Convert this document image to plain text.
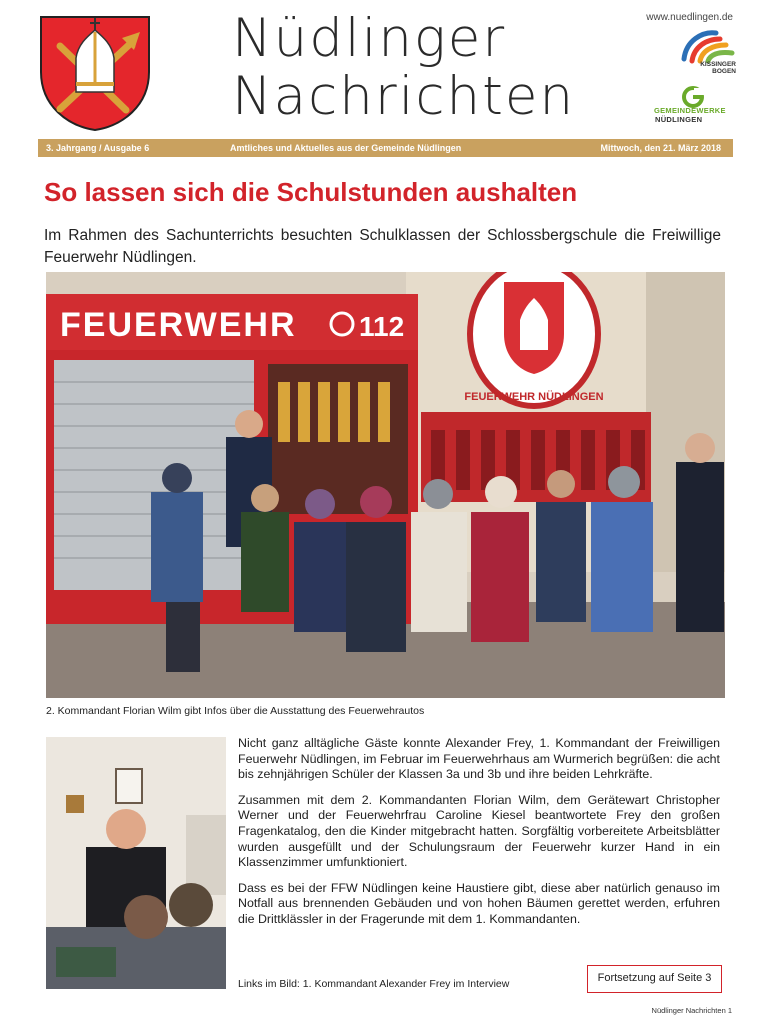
Nüdlinger
Nachrichten
www.nuedlingen.de
KISSINGER
BOGEN
GEMEINDEWERKE
NÜDLINGEN
3. Jahrgang / Ausgabe 6	Amtliches und Aktuelles aus der Gemeinde Nüdlingen	Mittwoch, den 21. März 2018
So lassen sich die Schulstunden aushalten
Im Rahmen des Sachunterrichts besuchten Schulklassen der Schlossbergschule die Freiwillige Feuerwehr Nüdlingen.
FEUERWEHR NÜDLINGEN
FEUERWEHR 112
2. Kommandant Florian Wilm gibt Infos über die Ausstattung des Feuerwehrautos

Nicht ganz alltägliche Gäste konnte Alexander Frey, 1. Kommandant der Freiwilligen Feuerwehr Nüdlingen, im Februar im Feuerwehrhaus am Wurmerich begrüßen: die acht bis zehnjährigen Schüler der Klassen 3a und 3b und ihre beiden Lehrkräfte.

Zusammen mit dem 2. Kommandanten Florian Wilm, dem Gerätewart Christopher Werner und der Feuerwehrfrau Caroline Kiesel beantwortete Frey den großen Fragenkatalog, den die Kinder mitgebracht hatten. Sorgfältig vorbereitete Arbeitsblätter wurden ausgefüllt und der Schulungsraum der Feuerwehr kurzer Hand in ein Klassenzimmer umfunktioniert.

Dass es bei der FFW Nüdlingen keine Haustiere gibt, diese aber natürlich genauso im Notfall aus brennenden Gebäuden und von hohen Bäumen gerettet werden, erfuhren die Drittklässler in der Fragerunde mit dem 1. Kommandanten.

Links im Bild: 1. Kommandant Alexander Frey im Interview	Fortsetzung auf Seite 3
Nüdlinger Nachrichten 1
